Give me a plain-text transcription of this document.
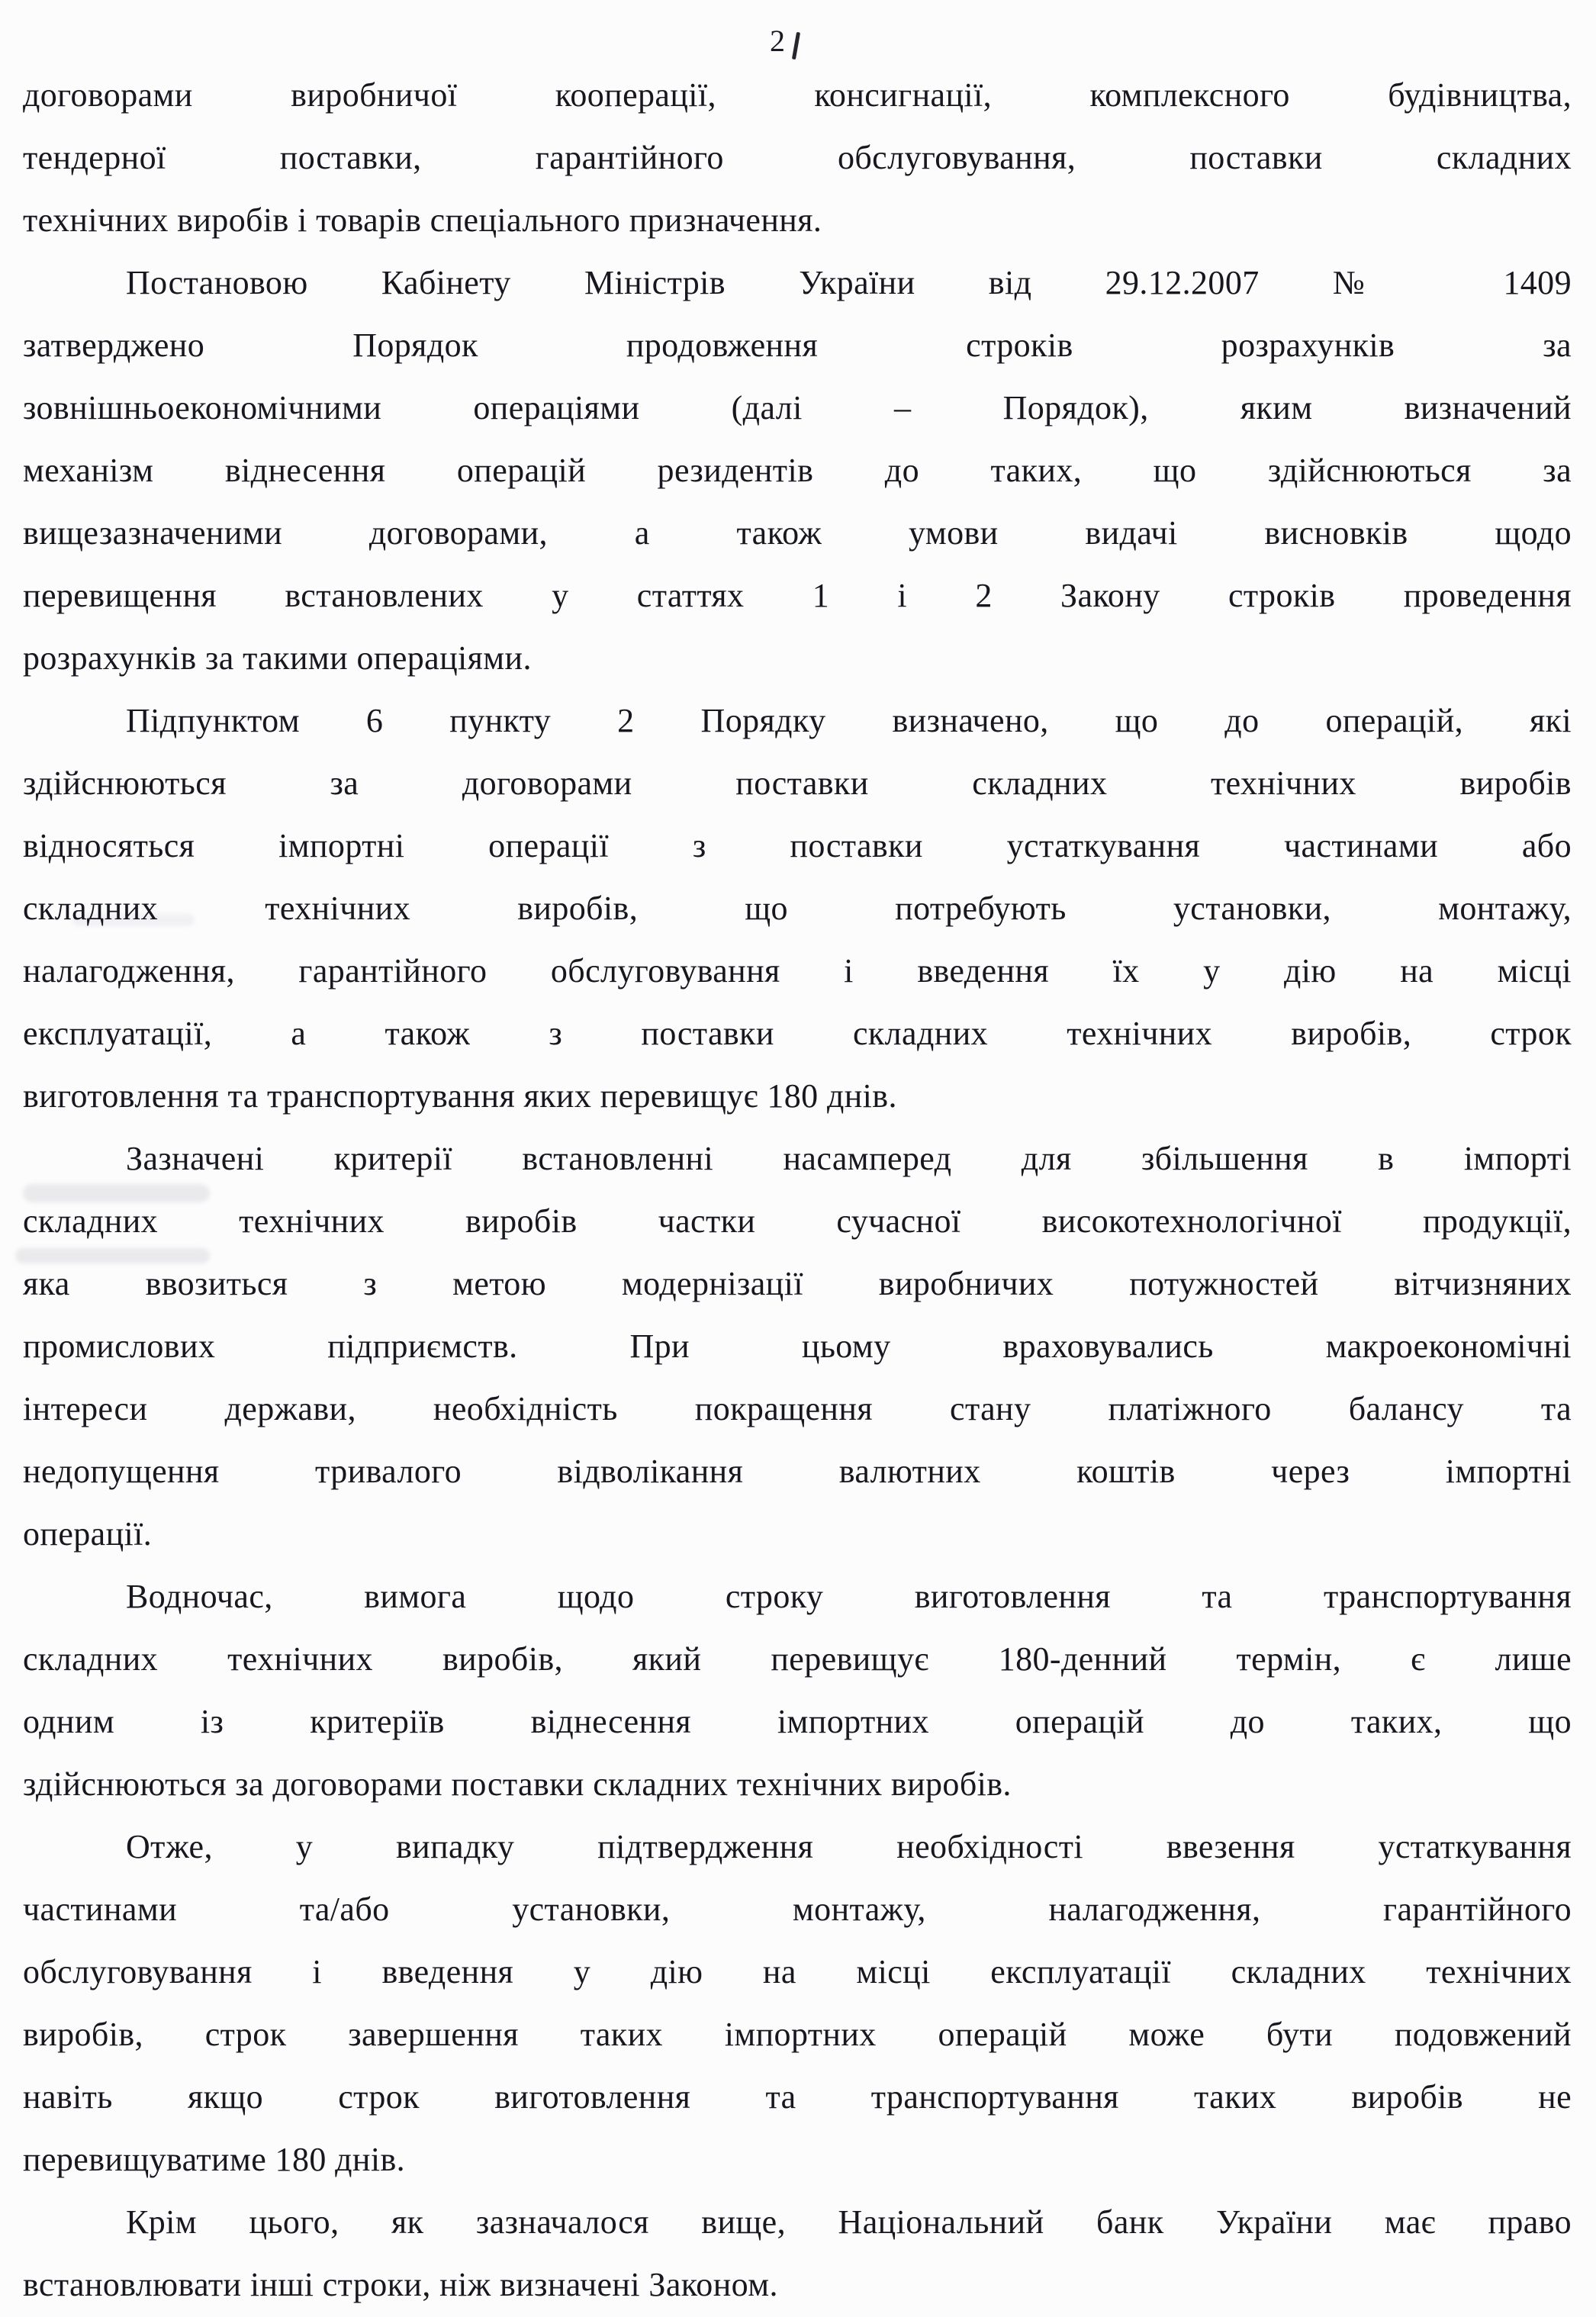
2

договорами виробничої кооперації, консигнації, комплексного будівництва,
тендерної поставки, гарантійного обслуговування, поставки складних
технічних виробів і товарів спеціального призначення.

Постановою Кабінету Міністрів України від 29.12.2007 № 1409
затверджено Порядок продовження строків розрахунків за
зовнішньоекономічними операціями (далі – Порядок), яким визначений
механізм віднесення операцій резидентів до таких, що здійснюються за
вищезазначеними договорами, а також умови видачі висновків щодо
перевищення встановлених у статтях 1 і 2 Закону строків проведення
розрахунків за такими операціями.

Підпунктом 6 пункту 2 Порядку визначено, що до операцій, які
здійснюються за договорами поставки складних технічних виробів
відносяться імпортні операції з поставки устаткування частинами або
складних технічних виробів, що потребують установки, монтажу,
налагодження, гарантійного обслуговування і введення їх у дію на місці
експлуатації, а також з поставки складних технічних виробів, строк
виготовлення та транспортування яких перевищує 180 днів.

Зазначені критерії встановленні насамперед для збільшення в імпорті
складних технічних виробів частки сучасної високотехнологічної продукції,
яка ввозиться з метою модернізації виробничих потужностей вітчизняних
промислових підприємств. При цьому враховувались макроекономічні
інтереси держави, необхідність покращення стану платіжного балансу та
недопущення тривалого відволікання валютних коштів через імпортні
операції.

Водночас, вимога щодо строку виготовлення та транспортування
складних технічних виробів, який перевищує 180-денний термін, є лише
одним із критеріїв віднесення імпортних операцій до таких, що
здійснюються за договорами поставки складних технічних виробів.

Отже, у випадку підтвердження необхідності ввезення устаткування
частинами та/або установки, монтажу, налагодження, гарантійного
обслуговування і введення у дію на місці експлуатації складних технічних
виробів, строк завершення таких імпортних операцій може бути подовжений
навіть якщо строк виготовлення та транспортування таких виробів не
перевищуватиме 180 днів.

Крім цього, як зазначалося вище, Національний банк України має право
встановлювати інші строки, ніж визначені Законом.
